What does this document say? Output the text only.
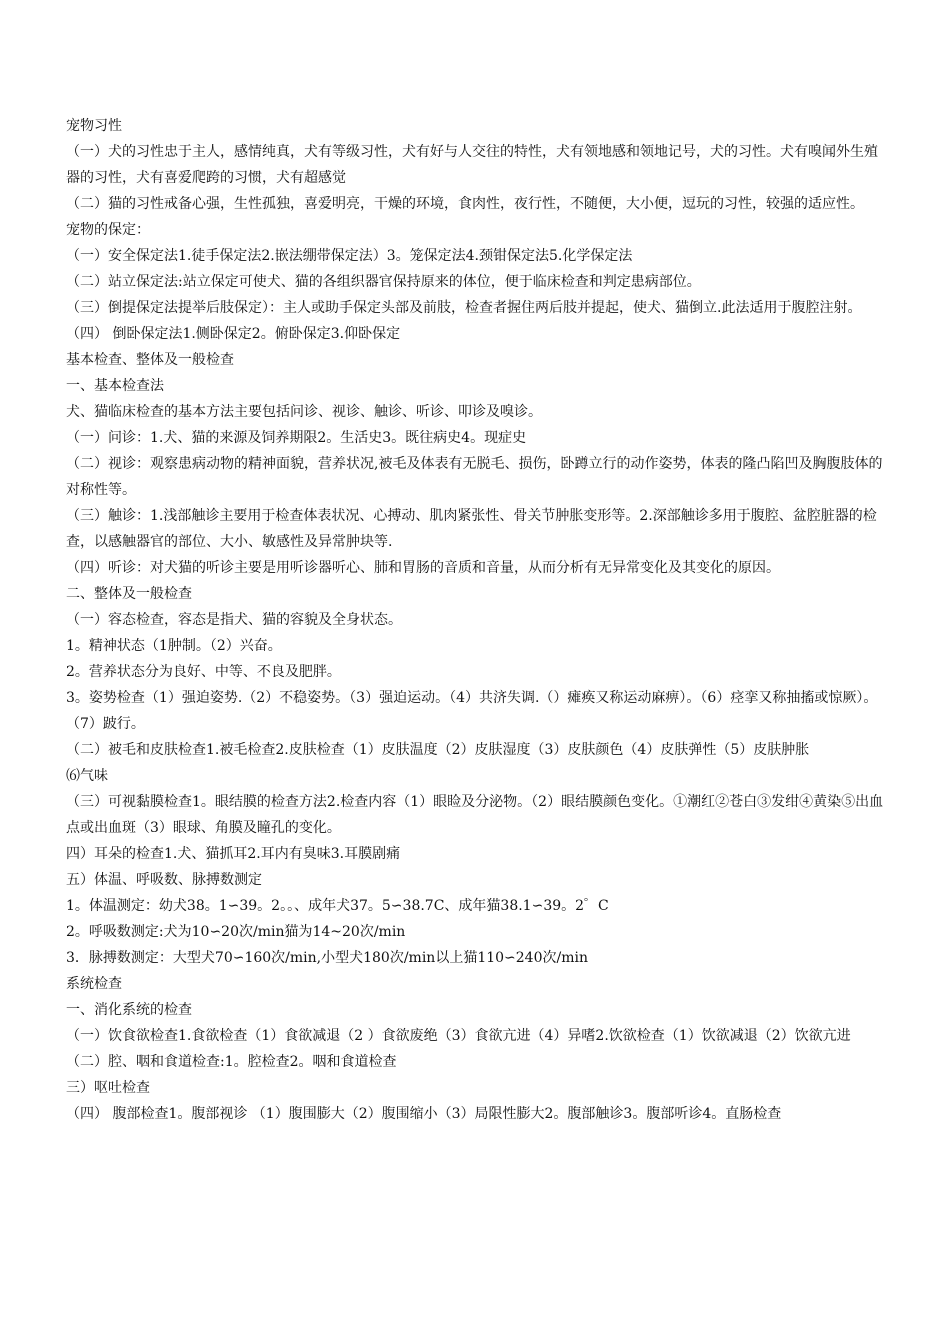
宠物习性

（一）犬的习性忠于主人，感情纯真，犬有等级习性，犬有好与人交往的特性，犬有领地感和领地记号，犬的习性。犬有嗅闻外生殖器的习性，犬有喜爱爬跨的习惯，犬有超感觉

（二）猫的习性戒备心强，生性孤独，喜爱明亮，干燥的环境，食肉性，夜行性，不随便，大小便，逗玩的习性，较强的适应性。

宠物的保定：

（一）安全保定法1.徒手保定法2.嵌法绷带保定法）3。笼保定法4.颈钳保定法5.化学保定法

（二）站立保定法:站立保定可使犬、猫的各组织器官保持原来的体位，便于临床检查和判定患病部位。

（三）倒提保定法提举后肢保定）：主人或助手保定头部及前肢，检查者握住两后肢并提起，使犬、猫倒立.此法适用于腹腔注射。

（四） 倒卧保定法1.侧卧保定2。俯卧保定3.仰卧保定

基本检查、整体及一般检查

一、基本检查法

犬、猫临床检查的基本方法主要包括问诊、视诊、触诊、听诊、叩诊及嗅诊。

（一）问诊：1.犬、猫的来源及饲养期限2。生活史3。既往病史4。现症史

（二）视诊：观察患病动物的精神面貌，营养状况,被毛及体表有无脱毛、损伤，卧蹲立行的动作姿势，体表的隆凸陷凹及胸腹肢体的对称性等。

（三）触诊：1.浅部触诊主要用于检查体表状况、心搏动、肌肉紧张性、骨关节肿胀变形等。2.深部触诊多用于腹腔、盆腔脏器的检查，以感触器官的部位、大小、敏感性及异常肿块等.

（四）听诊：对犬猫的听诊主要是用听诊器听心、肺和胃肠的音质和音量，从而分析有无异常变化及其变化的原因。

二、整体及一般检查

（一）容态检查，容态是指犬、猫的容貌及全身状态。

1。精神状态（1肿制。（2）兴奋。

2。营养状态分为良好、中等、不良及肥胖。

3。姿势检查（1）强迫姿势.（2）不稳姿势。（3）强迫运动。（4）共济失调.（）瘫痪又称运动麻痹）。（6）痉挛又称抽搐或惊厥）。（7）跛行。

（二）被毛和皮肤检查1.被毛检查2.皮肤检查（1）皮肤温度（2）皮肤湿度（3）皮肤颜色（4）皮肤弹性（5）皮肤肿胀

⑹气味

（三）可视黏膜检查1。眼结膜的检查方法2.检查内容（1）眼睑及分泌物。（2）眼结膜颜色变化。①潮红②苍白③发绀④黄染⑤出血点或出血斑（3）眼球、角膜及瞳孔的变化。

四）耳朵的检查1.犬、猫抓耳2.耳内有臭味3.耳膜剧痛

五）体温、呼吸数、脉搏数测定

1。体温测定：幼犬38。1∽39。2。。、成年犬37。5∽38.7C、成年猫38.1∽39。2゜C

2。呼吸数测定:犬为10∽20次/min猫为14~20次/min

3．脉搏数测定：大型犬70∽160次/min,小型犬180次/min以上猫110∽240次/min

系统检查

一、消化系统的检查

（一）饮食欲检查1.食欲检查（1）食欲减退（2 ）食欲废绝（3）食欲亢进（4）异嗜2.饮欲检查（1）饮欲减退（2）饮欲亢进

（二）腔、咽和食道检查:1。腔检查2。咽和食道检查

三）呕吐检查

（四） 腹部检查1。腹部视诊 （1）腹围膨大（2）腹围缩小（3）局限性膨大2。腹部触诊3。腹部听诊4。直肠检查
